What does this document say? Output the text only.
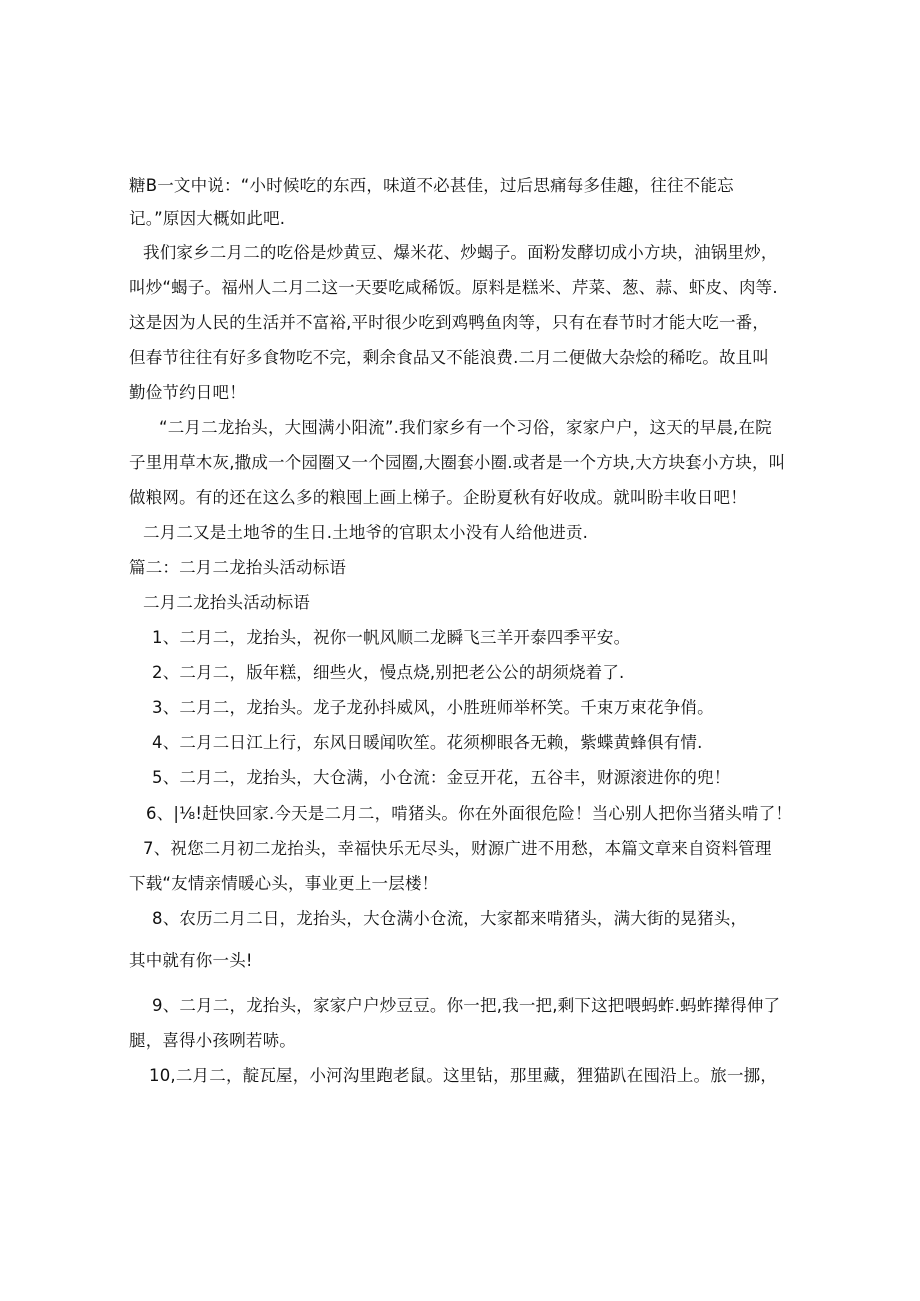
糖B一文中说：“小时候吃的东西，味道不必甚佳，过后思痛每多佳趣，往往不能忘
记。”原因大概如此吧.
我们家乡二月二的吃俗是炒黄豆、爆米花、炒蝎子。面粉发酵切成小方块，油锅里炒，
叫炒“蝎子。福州人二月二这一天要吃咸稀饭。原料是糕米、芹菜、葱、蒜、虾皮、肉等.
这是因为人民的生活并不富裕,平时很少吃到鸡鸭鱼肉等，只有在春节时才能大吃一番，
但春节往往有好多食物吃不完，剩余食品又不能浪费.二月二便做大杂烩的稀吃。故且叫
勤俭节约日吧！
“二月二龙抬头，大囤满小阳流”.我们家乡有一个习俗，家家户户，这天的早晨,在院
子里用草木灰,撒成一个园圈又一个园圈,大圈套小圈.或者是一个方块,大方块套小方块，叫
做粮网。有的还在这么多的粮囤上画上梯子。企盼夏秋有好收成。就叫盼丰收日吧！
二月二又是土地爷的生日.土地爷的官职太小没有人给他进贡.
篇二：二月二龙抬头活动标语
二月二龙抬头活动标语
1、二月二，龙抬头，祝你一帆风顺二龙瞬飞三羊开泰四季平安。
2、二月二，版年糕，细些火，慢点烧,别把老公公的胡须烧着了.
3、二月二，龙抬头。龙子龙孙抖威风，小胜班师举杯笑。千束万束花争俏。
4、二月二日江上行，东风日暖闻吹笙。花须柳眼各无赖，紫蝶黄蜂俱有情.
5、二月二，龙抬头，大仓满，小仓流：金豆开花，五谷丰，财源滚进你的兜！
6、|⅛!赶快回家.今天是二月二，啃猪头。你在外面很危险！当心别人把你当猪头啃了！
7、祝您二月初二龙抬头，幸福快乐无尽头，财源广进不用愁，本篇文章来自资料管理
下载“友情亲情暖心头，事业更上一层楼！
8、农历二月二日，龙抬头，大仓满小仓流，大家都来啃猪头，满大街的晃猪头，
其中就有你一头!
9、二月二，龙抬头，家家户户炒豆豆。你一把,我一把,剩下这把喂蚂蚱.蚂蚱撵得伸了
腿，喜得小孩咧若哧。
10,二月二，靛瓦屋，小河沟里跑老鼠。这里钻，那里藏，狸猫趴在囤沿上。旅一挪，
